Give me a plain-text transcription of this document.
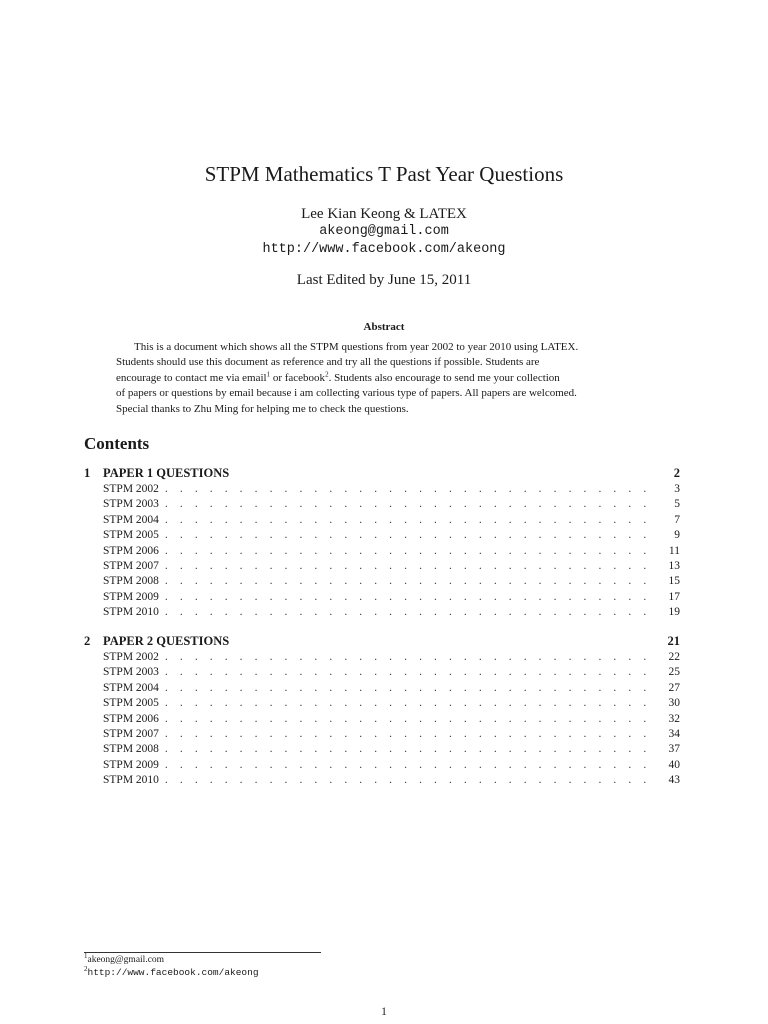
STPM Mathematics T Past Year Questions
Lee Kian Keong & LATEX
akeong@gmail.com
http://www.facebook.com/akeong
Last Edited by June 15, 2011
Abstract
This is a document which shows all the STPM questions from year 2002 to year 2010 using LATEX.
Students should use this document as reference and try all the questions if possible. Students are
encourage to contact me via email$^1$ or facebook$^2$. Students also encourage to send me your collection
of papers or questions by email because i am collecting various type of papers. All papers are welcomed.
Special thanks to Zhu Ming for helping me to check the questions.
Contents
1	PAPER 1 QUESTIONS	2
STPM 2002 . . .	3
STPM 2003 . . .	5
STPM 2004 . . .	7
STPM 2005 . . .	9
STPM 2006 . . .	11
STPM 2007 . . .	13
STPM 2008 . . .	15
STPM 2009 . . .	17
STPM 2010 . . .	19
2	PAPER 2 QUESTIONS	21
STPM 2002 . . .	22
STPM 2003 . . .	25
STPM 2004 . . .	27
STPM 2005 . . .	30
STPM 2006 . . .	32
STPM 2007 . . .	34
STPM 2008 . . .	37
STPM 2009 . . .	40
STPM 2010 . . .	43
$^1$akeong@gmail.com
$^2$http://www.facebook.com/akeong
1
